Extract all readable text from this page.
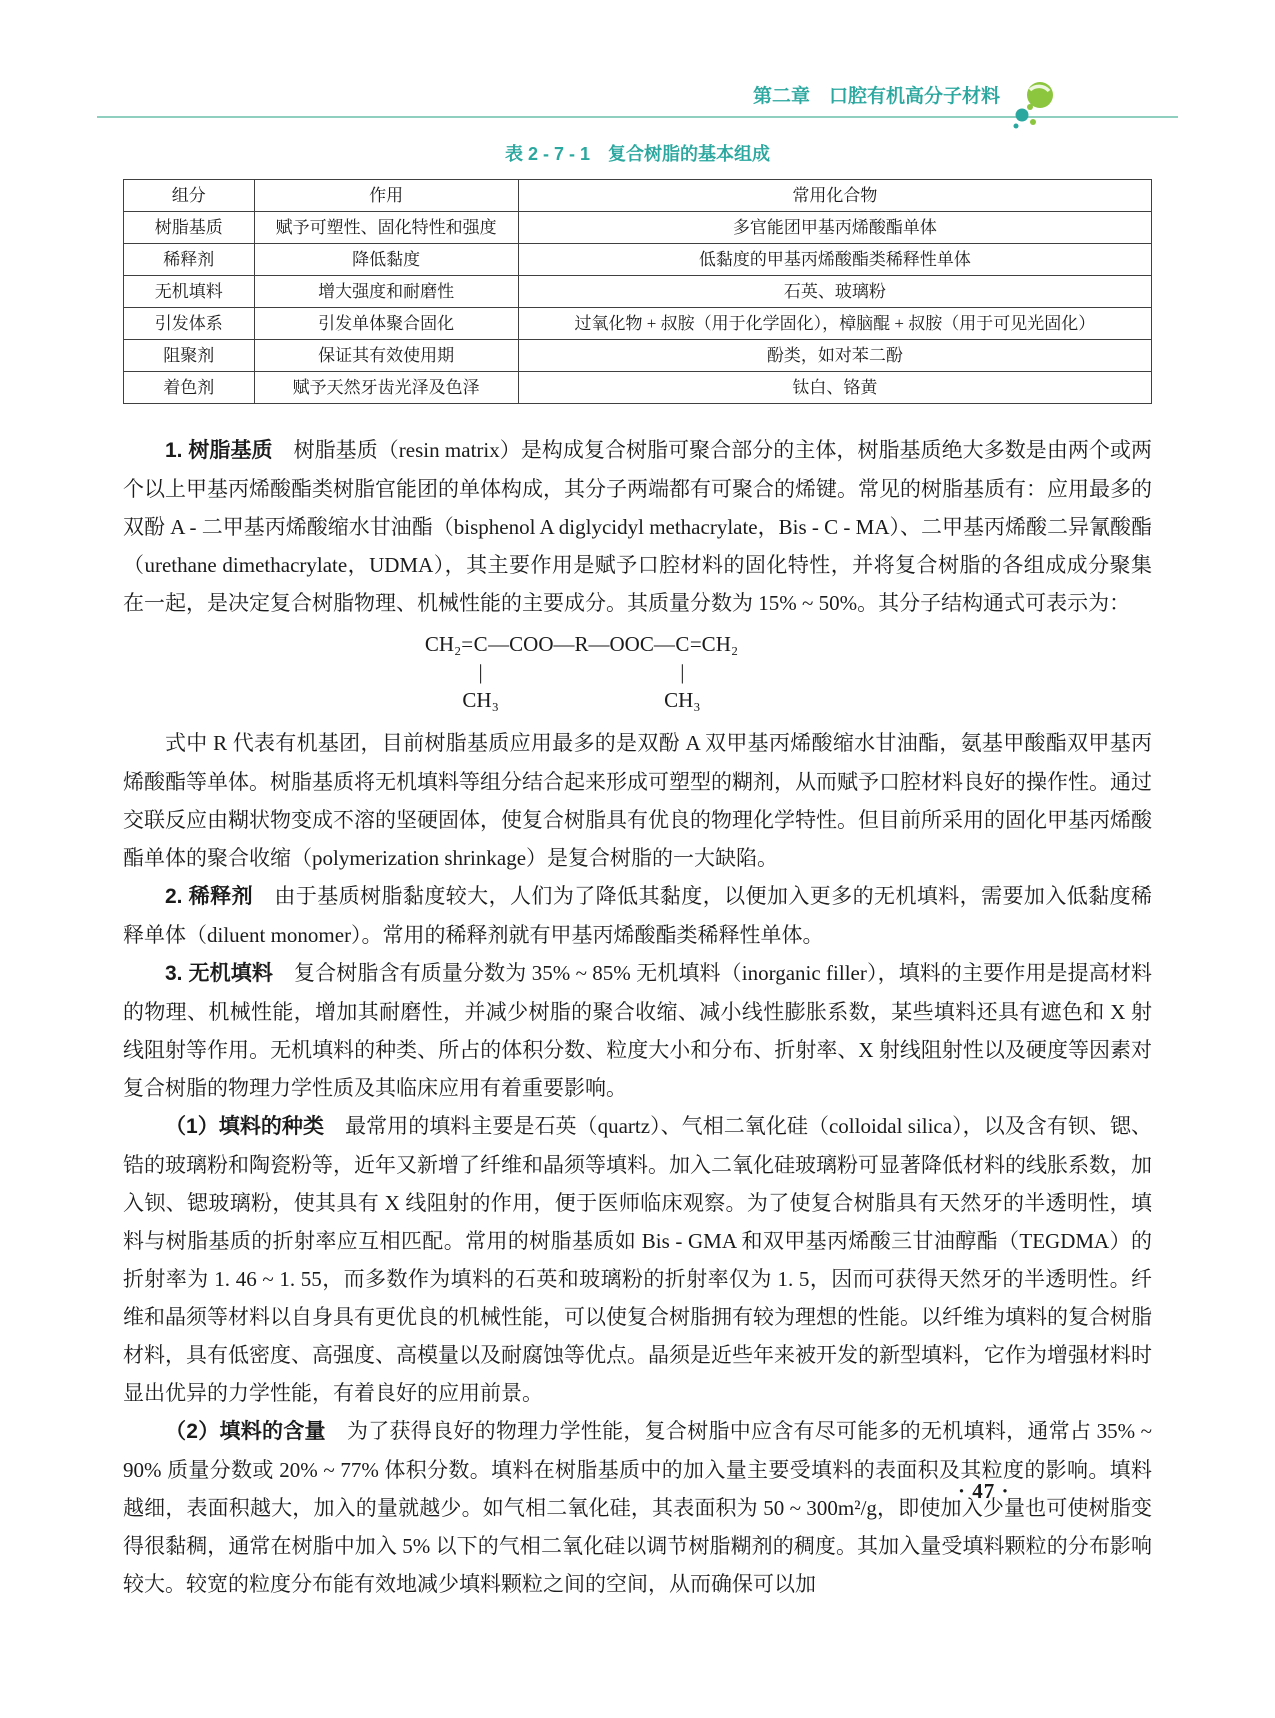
第二章　口腔有机高分子材料
表 2 - 7 - 1　复合树脂的基本组成
组分	作用	常用化合物
树脂基质	赋予可塑性、固化特性和强度	多官能团甲基丙烯酸酯单体
稀释剂	降低黏度	低黏度的甲基丙烯酸酯类稀释性单体
无机填料	增大强度和耐磨性	石英、玻璃粉
引发体系	引发单体聚合固化	过氧化物 + 叔胺（用于化学固化），樟脑醌 + 叔胺（用于可见光固化）
阻聚剂	保证其有效使用期	酚类，如对苯二酚
着色剂	赋予天然牙齿光泽及色泽	钛白、铬黄

1. 树脂基质　树脂基质（resin matrix）是构成复合树脂可聚合部分的主体，树脂基质绝大多数是由两个或两个以上甲基丙烯酸酯类树脂官能团的单体构成，其分子两端都有可聚合的烯键。常见的树脂基质有：应用最多的双酚 A - 二甲基丙烯酸缩水甘油酯（bisphenol A diglycidyl methacrylate，Bis - C - MA）、二甲基丙烯酸二异氰酸酯（urethane dimethacrylate，UDMA），其主要作用是赋予口腔材料的固化特性，并将复合树脂的各组成成分聚集在一起，是决定复合树脂物理、机械性能的主要成分。其质量分数为 15% ~ 50%。其分子结构通式可表示为：

CH₂= C
|
CH₃
—COO—R—OOC— C
|
CH₃
=CH₂

式中 R 代表有机基团，目前树脂基质应用最多的是双酚 A 双甲基丙烯酸缩水甘油酯，氨基甲酸酯双甲基丙烯酸酯等单体。树脂基质将无机填料等组分结合起来形成可塑型的糊剂，从而赋予口腔材料良好的操作性。通过交联反应由糊状物变成不溶的坚硬固体，使复合树脂具有优良的物理化学特性。但目前所采用的固化甲基丙烯酸酯单体的聚合收缩（polymerization shrinkage）是复合树脂的一大缺陷。

2. 稀释剂　由于基质树脂黏度较大，人们为了降低其黏度，以便加入更多的无机填料，需要加入低黏度稀释单体（diluent monomer）。常用的稀释剂就有甲基丙烯酸酯类稀释性单体。

3. 无机填料　复合树脂含有质量分数为 35% ~ 85% 无机填料（inorganic filler），填料的主要作用是提高材料的物理、机械性能，增加其耐磨性，并减少树脂的聚合收缩、减小线性膨胀系数，某些填料还具有遮色和 X 射线阻射等作用。无机填料的种类、所占的体积分数、粒度大小和分布、折射率、X 射线阻射性以及硬度等因素对复合树脂的物理力学性质及其临床应用有着重要影响。

（1）填料的种类　最常用的填料主要是石英（quartz）、气相二氧化硅（colloidal silica），以及含有钡、锶、锆的玻璃粉和陶瓷粉等，近年又新增了纤维和晶须等填料。加入二氧化硅玻璃粉可显著降低材料的线胀系数，加入钡、锶玻璃粉，使其具有 X 线阻射的作用，便于医师临床观察。为了使复合树脂具有天然牙的半透明性，填料与树脂基质的折射率应互相匹配。常用的树脂基质如 Bis - GMA 和双甲基丙烯酸三甘油醇酯（TEGDMA）的折射率为 1. 46 ~ 1. 55，而多数作为填料的石英和玻璃粉的折射率仅为 1. 5，因而可获得天然牙的半透明性。纤维和晶须等材料以自身具有更优良的机械性能，可以使复合树脂拥有较为理想的性能。以纤维为填料的复合树脂材料，具有低密度、高强度、高模量以及耐腐蚀等优点。晶须是近些年来被开发的新型填料，它作为增强材料时显出优异的力学性能，有着良好的应用前景。

（2）填料的含量　为了获得良好的物理力学性能，复合树脂中应含有尽可能多的无机填料，通常占 35% ~ 90% 质量分数或 20% ~ 77% 体积分数。填料在树脂基质中的加入量主要受填料的表面积及其粒度的影响。填料越细，表面积越大，加入的量就越少。如气相二氧化硅，其表面积为 50 ~ 300m²/g，即使加入少量也可使树脂变得很黏稠，通常在树脂中加入 5% 以下的气相二氧化硅以调节树脂糊剂的稠度。其加入量受填料颗粒的分布影响较大。较宽的粒度分布能有效地减少填料颗粒之间的空间，从而确保可以加

· 47 ·
